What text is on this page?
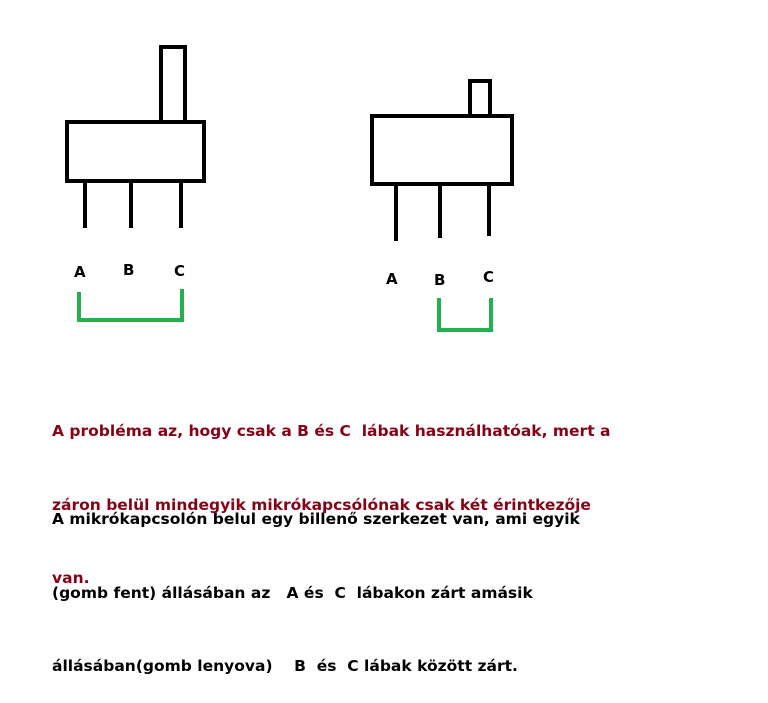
A B	C	A B	C

A probléma az, hogy csak a B és C  lábak használhatóak, mert a

záron belül mindegyik mikrókapcsólónak csak két érintkezője

van.

A mikrókapcsolón belul egy billenő szerkezet van, ami egyik

(gomb fent) állásában az   A és  C  lábakon zárt amásik

állásában(gomb lenyova)    B  és  C lábak között zárt.
